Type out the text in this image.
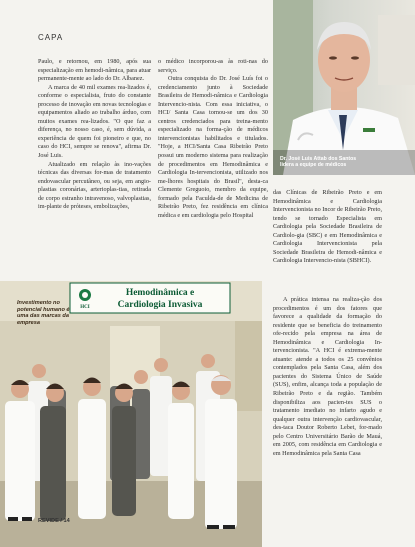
CAPA

Paulo, e retornou, em 1980, após sua especialização em hemodi-nâmica, para atuar permanente-mente ao lado do Dr. Albanez.

A marca de 40 mil exames rea-lizados é, conforme o especialista, fruto do constante processo de inovação em novas tecnologias e equipamentos aliado ao trabalho árduo, com muitos exames rea-lizados. "O que faz a diferença, no nosso caso, é, sem dúvida, a experiência de quem foi pioneiro e que, no caso do HCI, sempre se renova", afirma Dr. José Luis.

Atualizado em relação às ino-vações técnicas das diversas for-mas de tratamento endovascular percutâneo, ou seja, em angio-plastias coronárias, arterioplas-tias, retirada de corpo estranho intravenoso, valvoplastias, im-plante de próteses, embolizações,

o médico incorporou-as às roti-nas do serviço.

Outra conquista do Dr. José Luís foi o credenciamento junto à Sociedade Brasileira de Hemodi-nâmica e Cardiologia Intervencio-nista. Com essa iniciativa, o HCI/ Santa Casa tornou-se um dos 30 centros credenciados para treina-mento especializado na forma-ção de médicos intervencionistas habilitados e titulados. "Hoje, a HCI/Santa Casa Ribeirão Preto possui um moderno sistema para realização de procedimentos em Hemodinâmica e Cardiologia In-tervencionista, utilizado nos me-lhores hospitais do Brasil", desta-ca Clemente Greguoio, membro da equipe, formado pela Faculda-de de Medicina de Ribeirão Preto, fez residência em clínica médica e em cardiologia pelo Hospital

Dr. José Luis Attab dos Santos lidera a equipe de médicos

das Clínicas de Ribeirão Preto e em Hemodinâmica e Cardiologia Intervencionista no Incor de Ribeirão Preto, tendo se tornado Especialista em Cardiologia pela Sociedade Brasileira de Cardiolo-gia (SBC) e em Hemodinâmica e Cardiologia Intervencionista pela Sociedade Brasileira de Hemodi-nâmica e Cardiologia Intervencio-nista (SBHCI).

A prática intensa na realiza-ção dos procedimentos é um dos fatores que favorece a qualidade da formação do residente que se beneficia do treinamento ofe-recido pela empresa na área de Hemodinâmica e Cardiologia In-tervencionista. "A HCI é extrema-mente atuante: atende a todos os 25 convênios contemplados pela Santa Casa, além dos pacientes do Sistema Único de Saúde (SUS), enfim, alcança toda a população de Ribeirão Preto e da região. Também disponibiliza aos pacien-tes SUS o tratamento imediato no infarto agudo e qualquer outra intervenção cardiovascular, des-taca Doutor Roberto Lebet, for-mado pelo Centro Universitário Barão de Mauá, em 2005, com residência em Cardiologia e em Hemodinâmica pela Santa Casa

HCI
Hemodinâmica e
Cardiologia Invasiva
Investimento no potencial humano é uma das marcas da empresa
REVIDE / 14
